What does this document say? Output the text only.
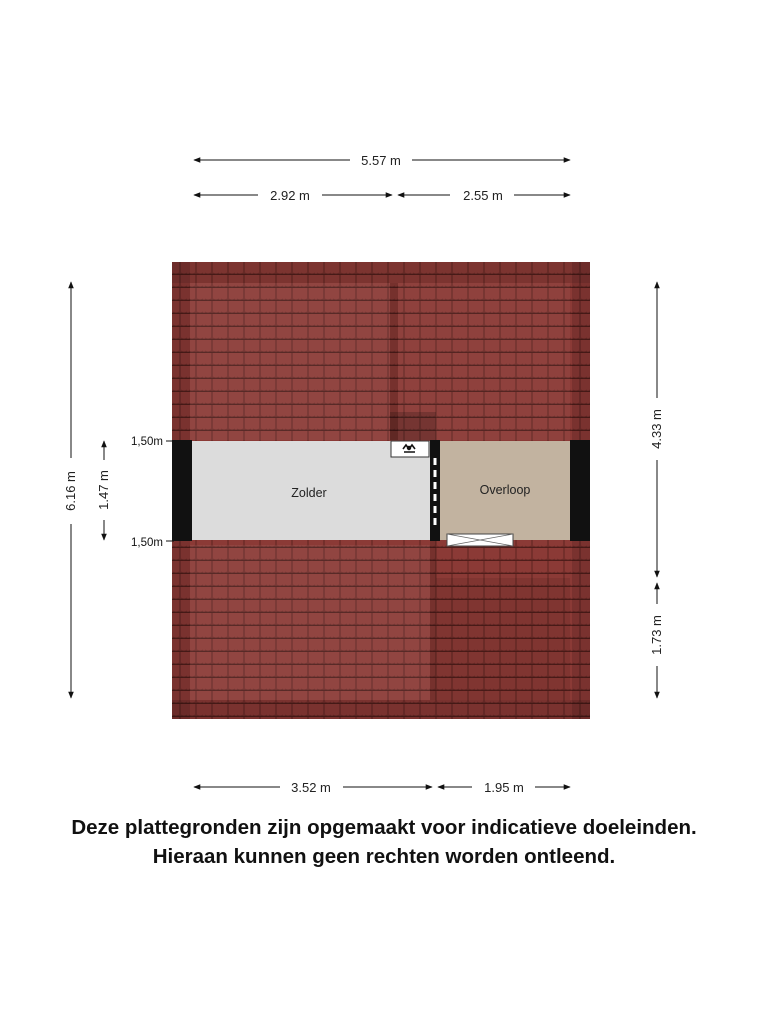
Zolder	Overloop
1,50m
1,50m
5.57 m
2.92 m	2.55 m
6.16 m 1.47 m
4.33 m
1.73 m
3.52 m	1.95 m
Deze plattegronden zijn opgemaakt voor indicatieve doeleinden.
Hieraan kunnen geen rechten worden ontleend.
